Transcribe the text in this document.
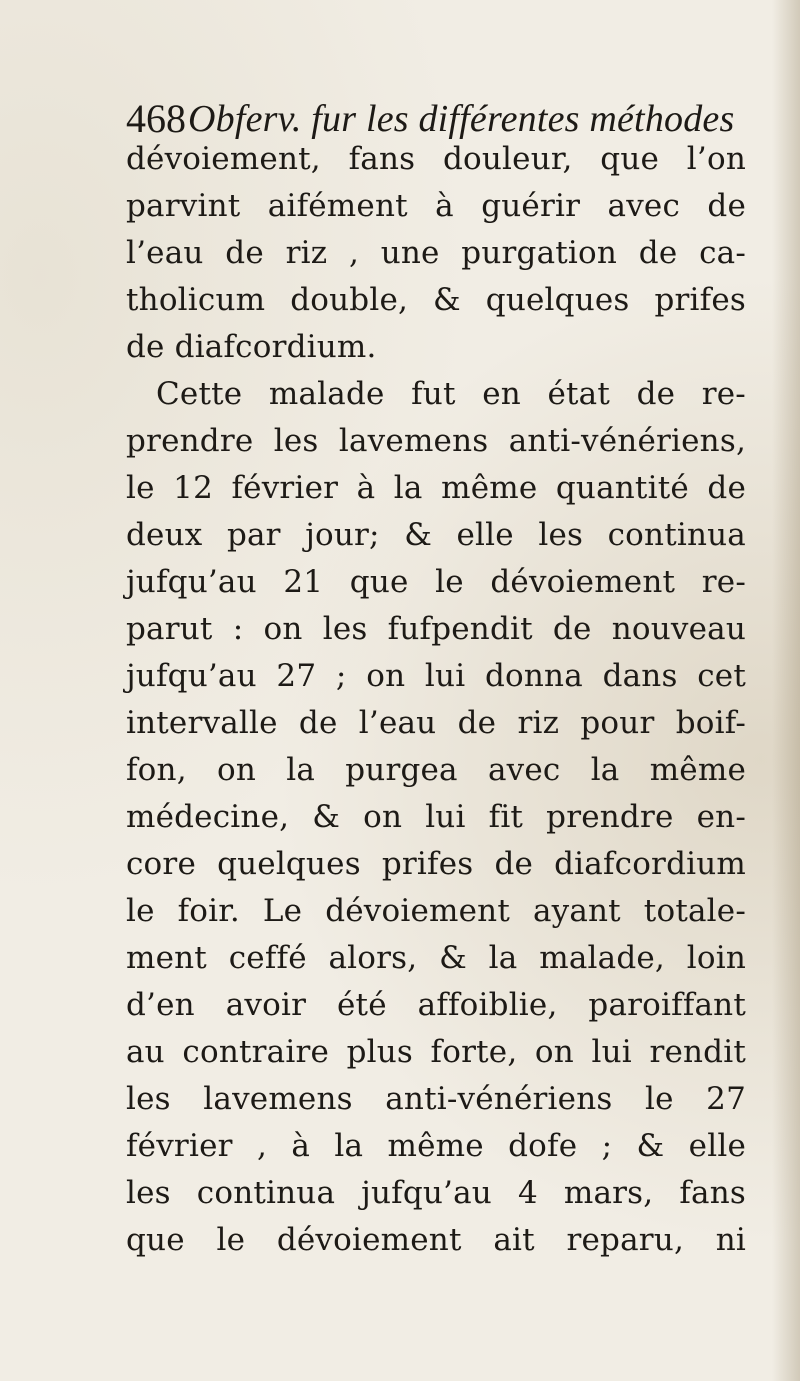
468 Obferv. fur les différentes méthodes
dévoiement, fans douleur, que l’on
parvint aifément à guérir avec de
l’eau de riz , une purgation de ca-
tholicum double, & quelques prifes
de diafcordium.
Cette malade fut en état de re-
prendre les lavemens anti-vénériens,
le 12 février à la même quantité de
deux par jour; & elle les continua
jufqu’au 21 que le dévoiement re-
parut : on les fufpendit de nouveau
jufqu’au 27 ; on lui donna dans cet
intervalle de l’eau de riz pour boif-
fon, on la purgea avec la même
médecine, & on lui fit prendre en-
core quelques prifes de diafcordium
le foir. Le dévoiement ayant totale-
ment ceffé alors, & la malade, loin
d’en avoir été affoiblie, paroiffant
au contraire plus forte, on lui rendit
les lavemens anti-vénériens le 27
février , à la même dofe ; & elle
les continua jufqu’au 4 mars, fans
que le dévoiement ait reparu, ni
